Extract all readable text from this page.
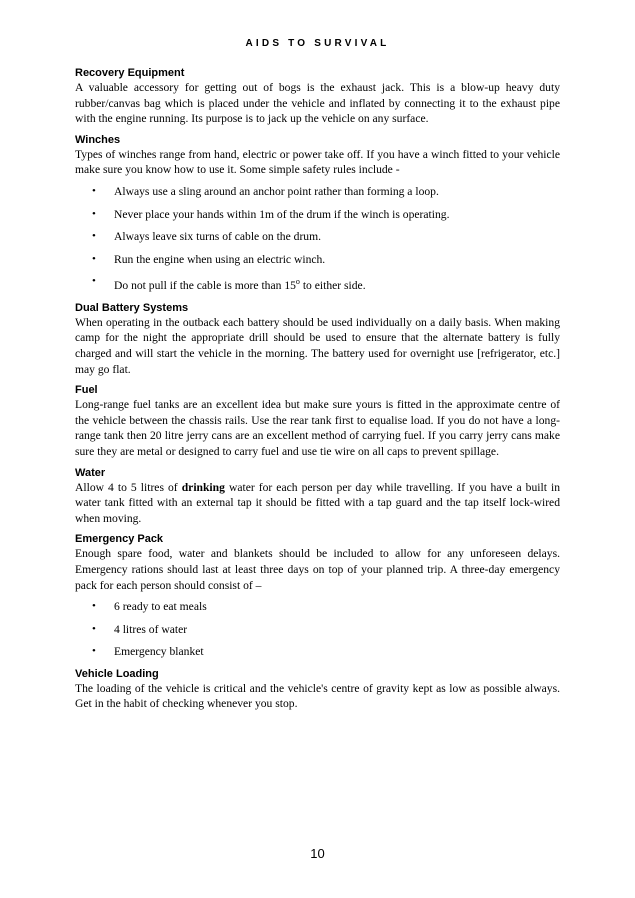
AIDS TO SURVIVAL
Recovery Equipment

A valuable accessory for getting out of bogs is the exhaust jack. This is a blow-up heavy duty rubber/canvas bag which is placed under the vehicle and inflated by connecting it to the exhaust pipe with the engine running. Its purpose is to jack up the vehicle on any surface.

Winches

Types of winches range from hand, electric or power take off. If you have a winch fitted to your vehicle make sure you know how to use it. Some simple safety rules include -

• Always use a sling around an anchor point rather than forming a loop.
• Never place your hands within 1m of the drum if the winch is operating.
• Always leave six turns of cable on the drum.
• Run the engine when using an electric winch.
• Do not pull if the cable is more than 15$^o$ to either side.
Dual Battery Systems

When operating in the outback each battery should be used individually on a daily basis. When making camp for the night the appropriate drill should be used to ensure that the alternate battery is fully charged and will start the vehicle in the morning. The battery used for overnight use [refrigerator, etc.] may go flat.

Fuel

Long-range fuel tanks are an excellent idea but make sure yours is fitted in the approximate centre of the vehicle between the chassis rails. Use the rear tank first to equalise load. If you do not have a long-range tank then 20 litre jerry cans are an excellent method of carrying fuel. If you carry jerry cans make sure they are metal or designed to carry fuel and use tie wire on all caps to prevent spillage.

Water

Allow 4 to 5 litres of drinking water for each person per day while travelling. If you have a built in water tank fitted with an external tap it should be fitted with a tap guard and the tap itself lock-wired when moving.

Emergency Pack

Enough spare food, water and blankets should be included to allow for any unforeseen delays. Emergency rations should last at least three days on top of your planned trip. A three-day emergency pack for each person should consist of –

• 6 ready to eat meals
• 4 litres of water
• Emergency blanket
Vehicle Loading

The loading of the vehicle is critical and the vehicle's centre of gravity kept as low as possible always. Get in the habit of checking whenever you stop.

10
